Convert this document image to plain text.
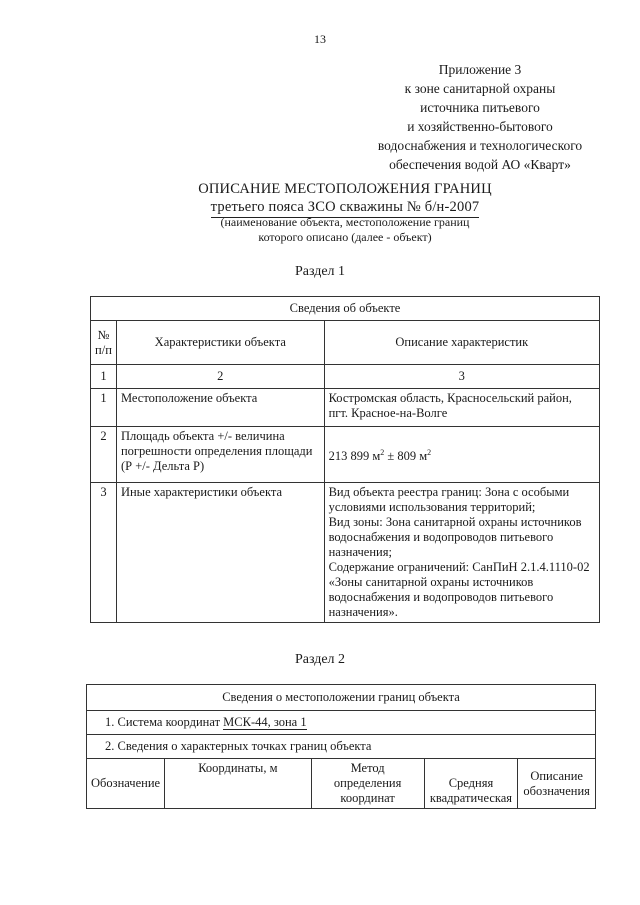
13
Приложение 3
к зоне санитарной охраны
источника питьевого
и хозяйственно-бытового
водоснабжения и технологического
обеспечения водой АО «Кварт»
ОПИСАНИЕ МЕСТОПОЛОЖЕНИЯ ГРАНИЦ
третьего пояса ЗСО скважины № б/н-2007
(наименование объекта, местоположение границ
которого описано (далее - объект)
Раздел 1
Сведения об объекте		
№ п/п	Характеристики объекта	Описание характеристик
1	2	3
1	Местоположение объекта	Костромская область, Красносельский район,
пгт. Красное-на-Волге

2	Площадь объекта +/- величина погрешности определения площади (Р +/- Дельта Р)	213 899 $м^2 \pm 809$ $м^2$
3	Иные характеристики объекта	Вид объекта реестра границ: Зона с особыми условиями использования территорий;
Вид зоны: Зона санитарной охраны источников водоснабжения и водопроводов питьевого назначения;
Содержание ограничений: СанПиН 2.1.4.1110-02 «Зоны санитарной охраны источников водоснабжения и водопроводов питьевого назначения».
Раздел 2
Сведения о местоположении границ объекта
1. Система координат МСК-44, зона 1
2. Сведения о характерных точках границ объекта
Обозначение	Координаты, м	Метод определения координат	Средняя квадратическая	Описание обозначения
